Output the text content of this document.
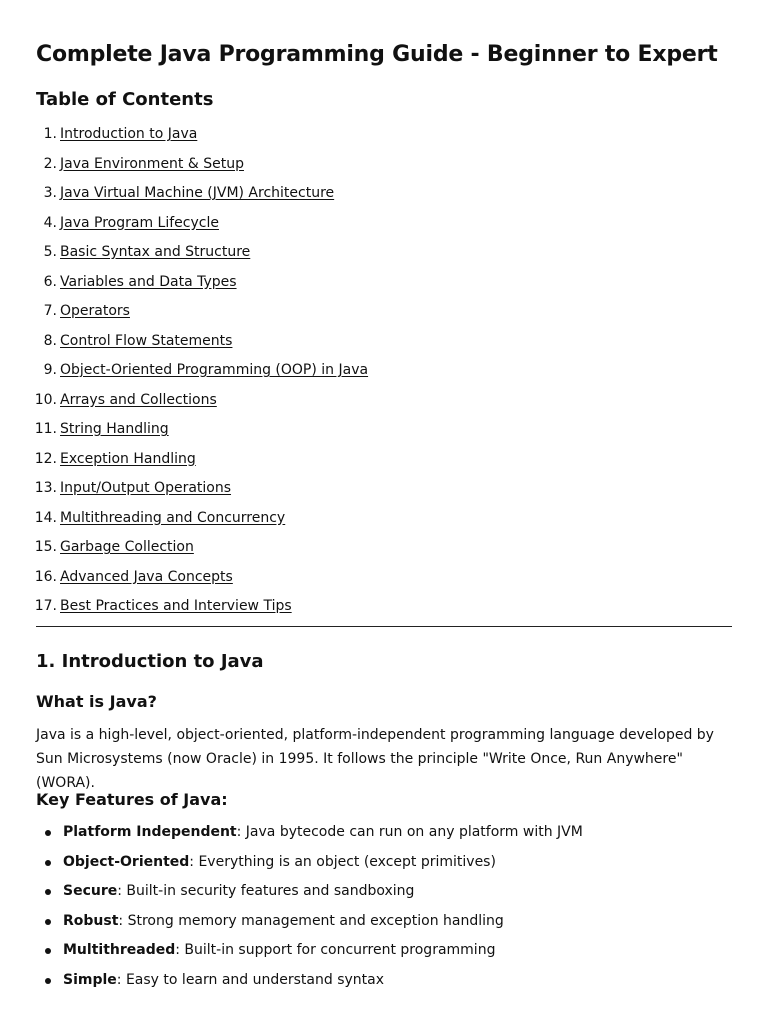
Complete Java Programming Guide - Beginner to Expert
Table of Contents
1. Introduction to Java
2. Java Environment & Setup
3. Java Virtual Machine (JVM) Architecture
4. Java Program Lifecycle
5. Basic Syntax and Structure
6. Variables and Data Types
7. Operators
8. Control Flow Statements
9. Object-Oriented Programming (OOP) in Java
10. Arrays and Collections
11. String Handling
12. Exception Handling
13. Input/Output Operations
14. Multithreading and Concurrency
15. Garbage Collection
16. Advanced Java Concepts
17. Best Practices and Interview Tips
1. Introduction to Java
What is Java?

Java is a high-level, object-oriented, platform-independent programming language developed by Sun Microsystems (now Oracle) in 1995. It follows the principle "Write Once, Run Anywhere" (WORA).

Key Features of Java:
Platform Independent: Java bytecode can run on any platform with JVM
Object-Oriented: Everything is an object (except primitives)
Secure: Built-in security features and sandboxing
Robust: Strong memory management and exception handling
Multithreaded: Built-in support for concurrent programming
Simple: Easy to learn and understand syntax
